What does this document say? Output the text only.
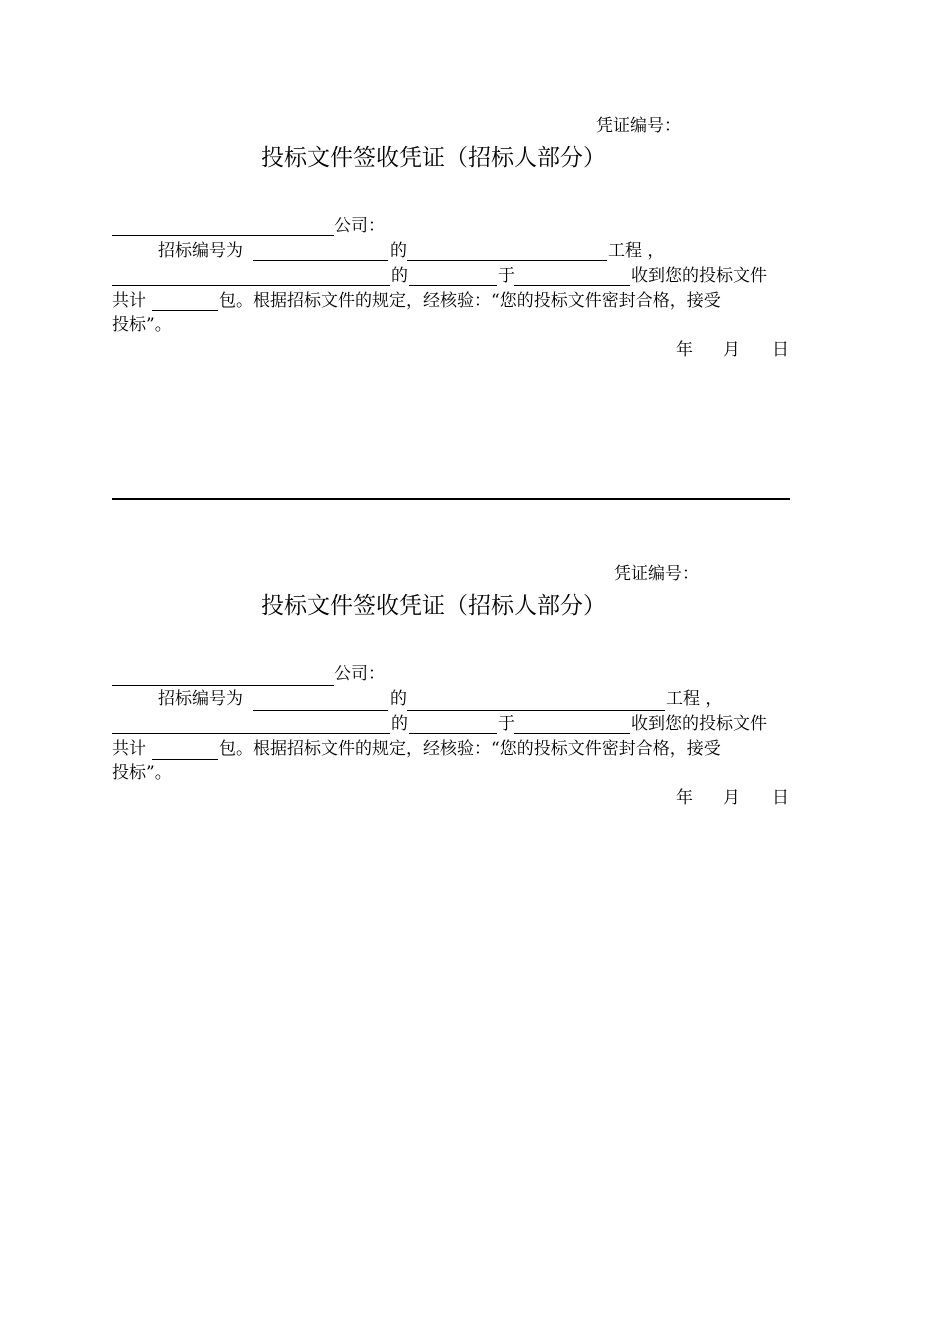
凭证编号：
投标文件签收凭证（招标人部分）
公司：
招标编号为	的	工程 ，
的	于	收到您的投标文件
共计	包。根据招标文件的规定，经核验：“您的投标文件密封合格，接受
投标”。
年 月 日
凭证编号：
投标文件签收凭证（招标人部分）
公司：
招标编号为	的	工程 ，
的	于	收到您的投标文件
共计	包。根据招标文件的规定，经核验：“您的投标文件密封合格，接受
投标”。
年 月 日
